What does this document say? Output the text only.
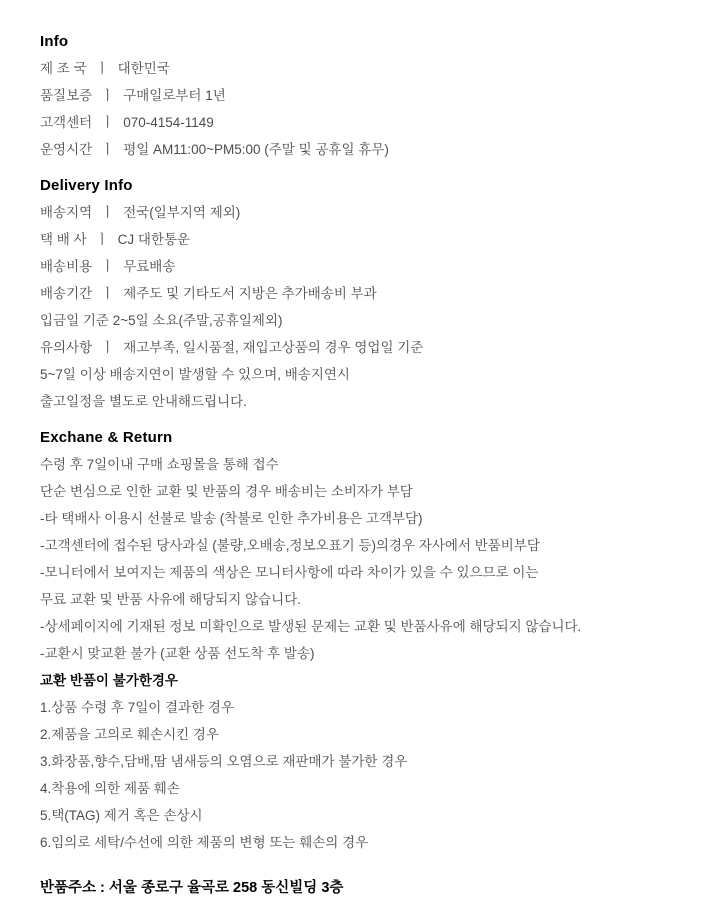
Info
제 조 국 ㅣ 대한민국
품질보증 ㅣ 구매일로부터 1년
고객센터 ㅣ 070-4154-1149
운영시간 ㅣ 평일 AM11:00~PM5:00 (주말 및 공휴일 휴무)
Delivery Info
배송지역 ㅣ 전국(일부지역 제외)
택 배 사 ㅣ CJ 대한통운
배송비용 ㅣ 무료배송
배송기간 ㅣ 제주도 및 기타도서 지방은 추가배송비 부과
입금일 기준 2~5일 소요(주말,공휴일제외)
유의사항 ㅣ 재고부족, 일시품절, 재입고상품의 경우 영업일 기준
5~7일 이상 배송지연이 발생할 수 있으며, 배송지연시
출고일정을 별도로 안내해드립니다.
Exchane & Return
수령 후 7일이내 구매 쇼핑몰을 통해 접수
단순 변심으로 인한 교환 및 반품의 경우 배송비는 소비자가 부담
-타 택배사 이용시 선불로 발송 (착불로 인한 추가비용은 고객부담)
-고객센터에 접수된 당사과실 (불량,오배송,정보오표기 등)의경우 자사에서 반품비부담
-모니터에서 보여지는 제품의 색상은 모니터사항에 따라 차이가 있을 수 있으므로 이는
무료 교환 및 반품 사유에 해당되지 않습니다.
-상세페이지에 기재된 정보 미확인으로 발생된 문제는 교환 및 반품사유에 해당되지 않습니다.
-교환시 맞교환 불가 (교환 상품 선도착 후 발송)
교환 반품이 불가한경우
1.상품 수령 후 7일이 결과한 경우
2.제품을 고의로 훼손시킨 경우
3.화장품,향수,담배,땀 냄새등의 오염으로 재판매가 불가한 경우
4.착용에 의한 제품 훼손
5.택(TAG) 제거 혹은 손상시
6.임의로 세탁/수선에 의한 제품의 변형 또는 훼손의 경우
반품주소 : 서울 종로구 율곡로 258 동신빌딩 3층
